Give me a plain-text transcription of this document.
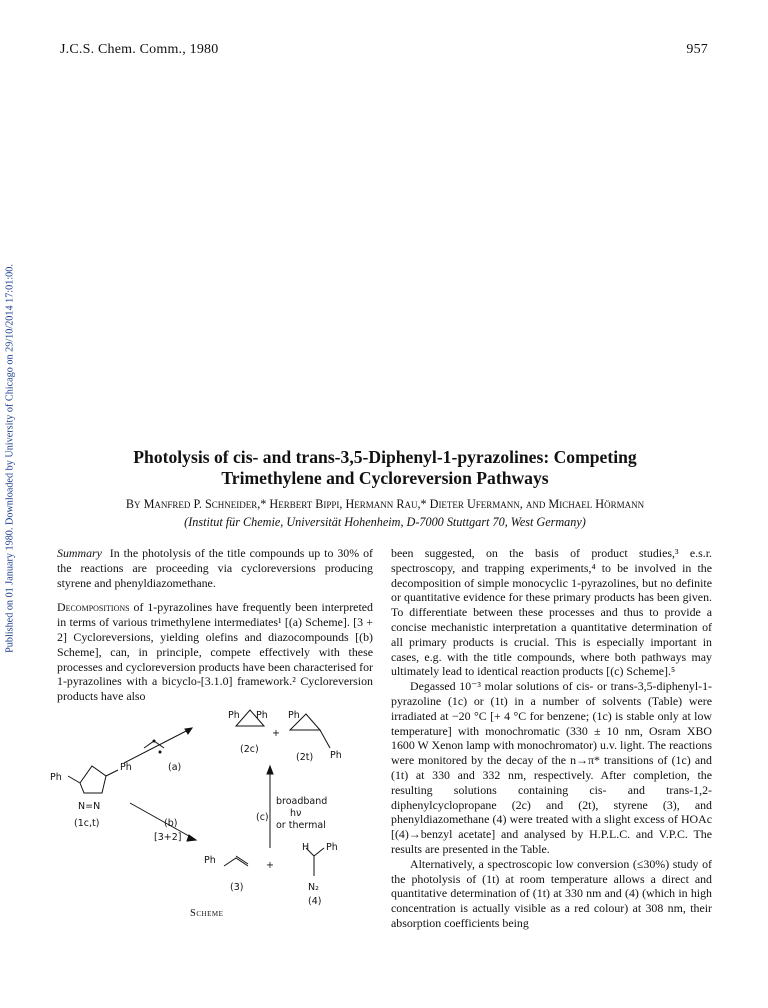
J.C.S. Chem. Comm., 1980	957
Published on 01 January 1980. Downloaded by University of Chicago on 29/10/2014 17:01:00.	Photolysis of cis- and trans-3,5-Diphenyl-1-pyrazolines: Competing
Trimethylene and Cycloreversion Pathways
By Manfred P. Schneider,* Herbert Bippi, Hermann Rau,* Dieter Ufermann, and Michael Hörmann
(Institut für Chemie, Universität Hohenheim, D-7000 Stuttgart 70, West Germany)

Summary In the photolysis of the title compounds up to 30% of the reactions are proceeding via cycloreversions producing styrene and phenyldiazomethane.

Decompositions of 1-pyrazolines have frequently been interpreted in terms of various trimethylene intermediates¹ [(a) Scheme]. [3 + 2] Cycloreversions, yielding olefins and diazocompounds [(b) Scheme], can, in principle, compete effectively with these processes and cycloreversion products have been characterised for 1-pyrazolines with a bicyclo-[3.1.0] framework.² Cycloreversion products have also

Ph
Ph
N=N
(1c,t)
(a)
(b)
[3+2]
Ph Ph
(2c)
+
Ph
Ph
(2t)
(c)
broadband
hν
or thermal
Ph	+
H Ph
N₂
(3)
(4)
Scheme

been suggested, on the basis of product studies,³ e.s.r. spectroscopy, and trapping experiments,⁴ to be involved in the decomposition of simple monocyclic 1-pyrazolines, but no definite or quantitative evidence for these primary products has been given. To differentiate between these processes and thus to provide a concise mechanistic interpretation a quantitative determination of all primary products is crucial. This is especially important in cases, e.g. with the title compounds, where both pathways may ultimately lead to identical reaction products [(c) Scheme].⁵

Degassed 10⁻³ molar solutions of cis- or trans-3,5-diphenyl-1-pyrazoline (1c) or (1t) in a number of solvents (Table) were irradiated at −20 °C [+ 4 °C for benzene; (1c) is stable only at low temperature] with monochromatic (330 ± 10 nm, Osram XBO 1600 W Xenon lamp with monochromator) u.v. light. The reactions were monitored by the decay of the n→π* transitions of (1c) and (1t) at 330 and 332 nm, respectively. After completion, the resulting solutions containing cis- and trans-1,2-diphenylcyclopropane (2c) and (2t), styrene (3), and phenyldiazomethane (4) were treated with a slight excess of HOAc [(4)→benzyl acetate] and analysed by H.P.L.C. and V.P.C. The results are presented in the Table.

Alternatively, a spectroscopic low conversion (≤30%) study of the photolysis of (1t) at room temperature allows a direct and quantitative determination of (1t) at 330 nm and (4) (which in high concentration is actually visible as a red colour) at 308 nm, their absorption coefficients being
